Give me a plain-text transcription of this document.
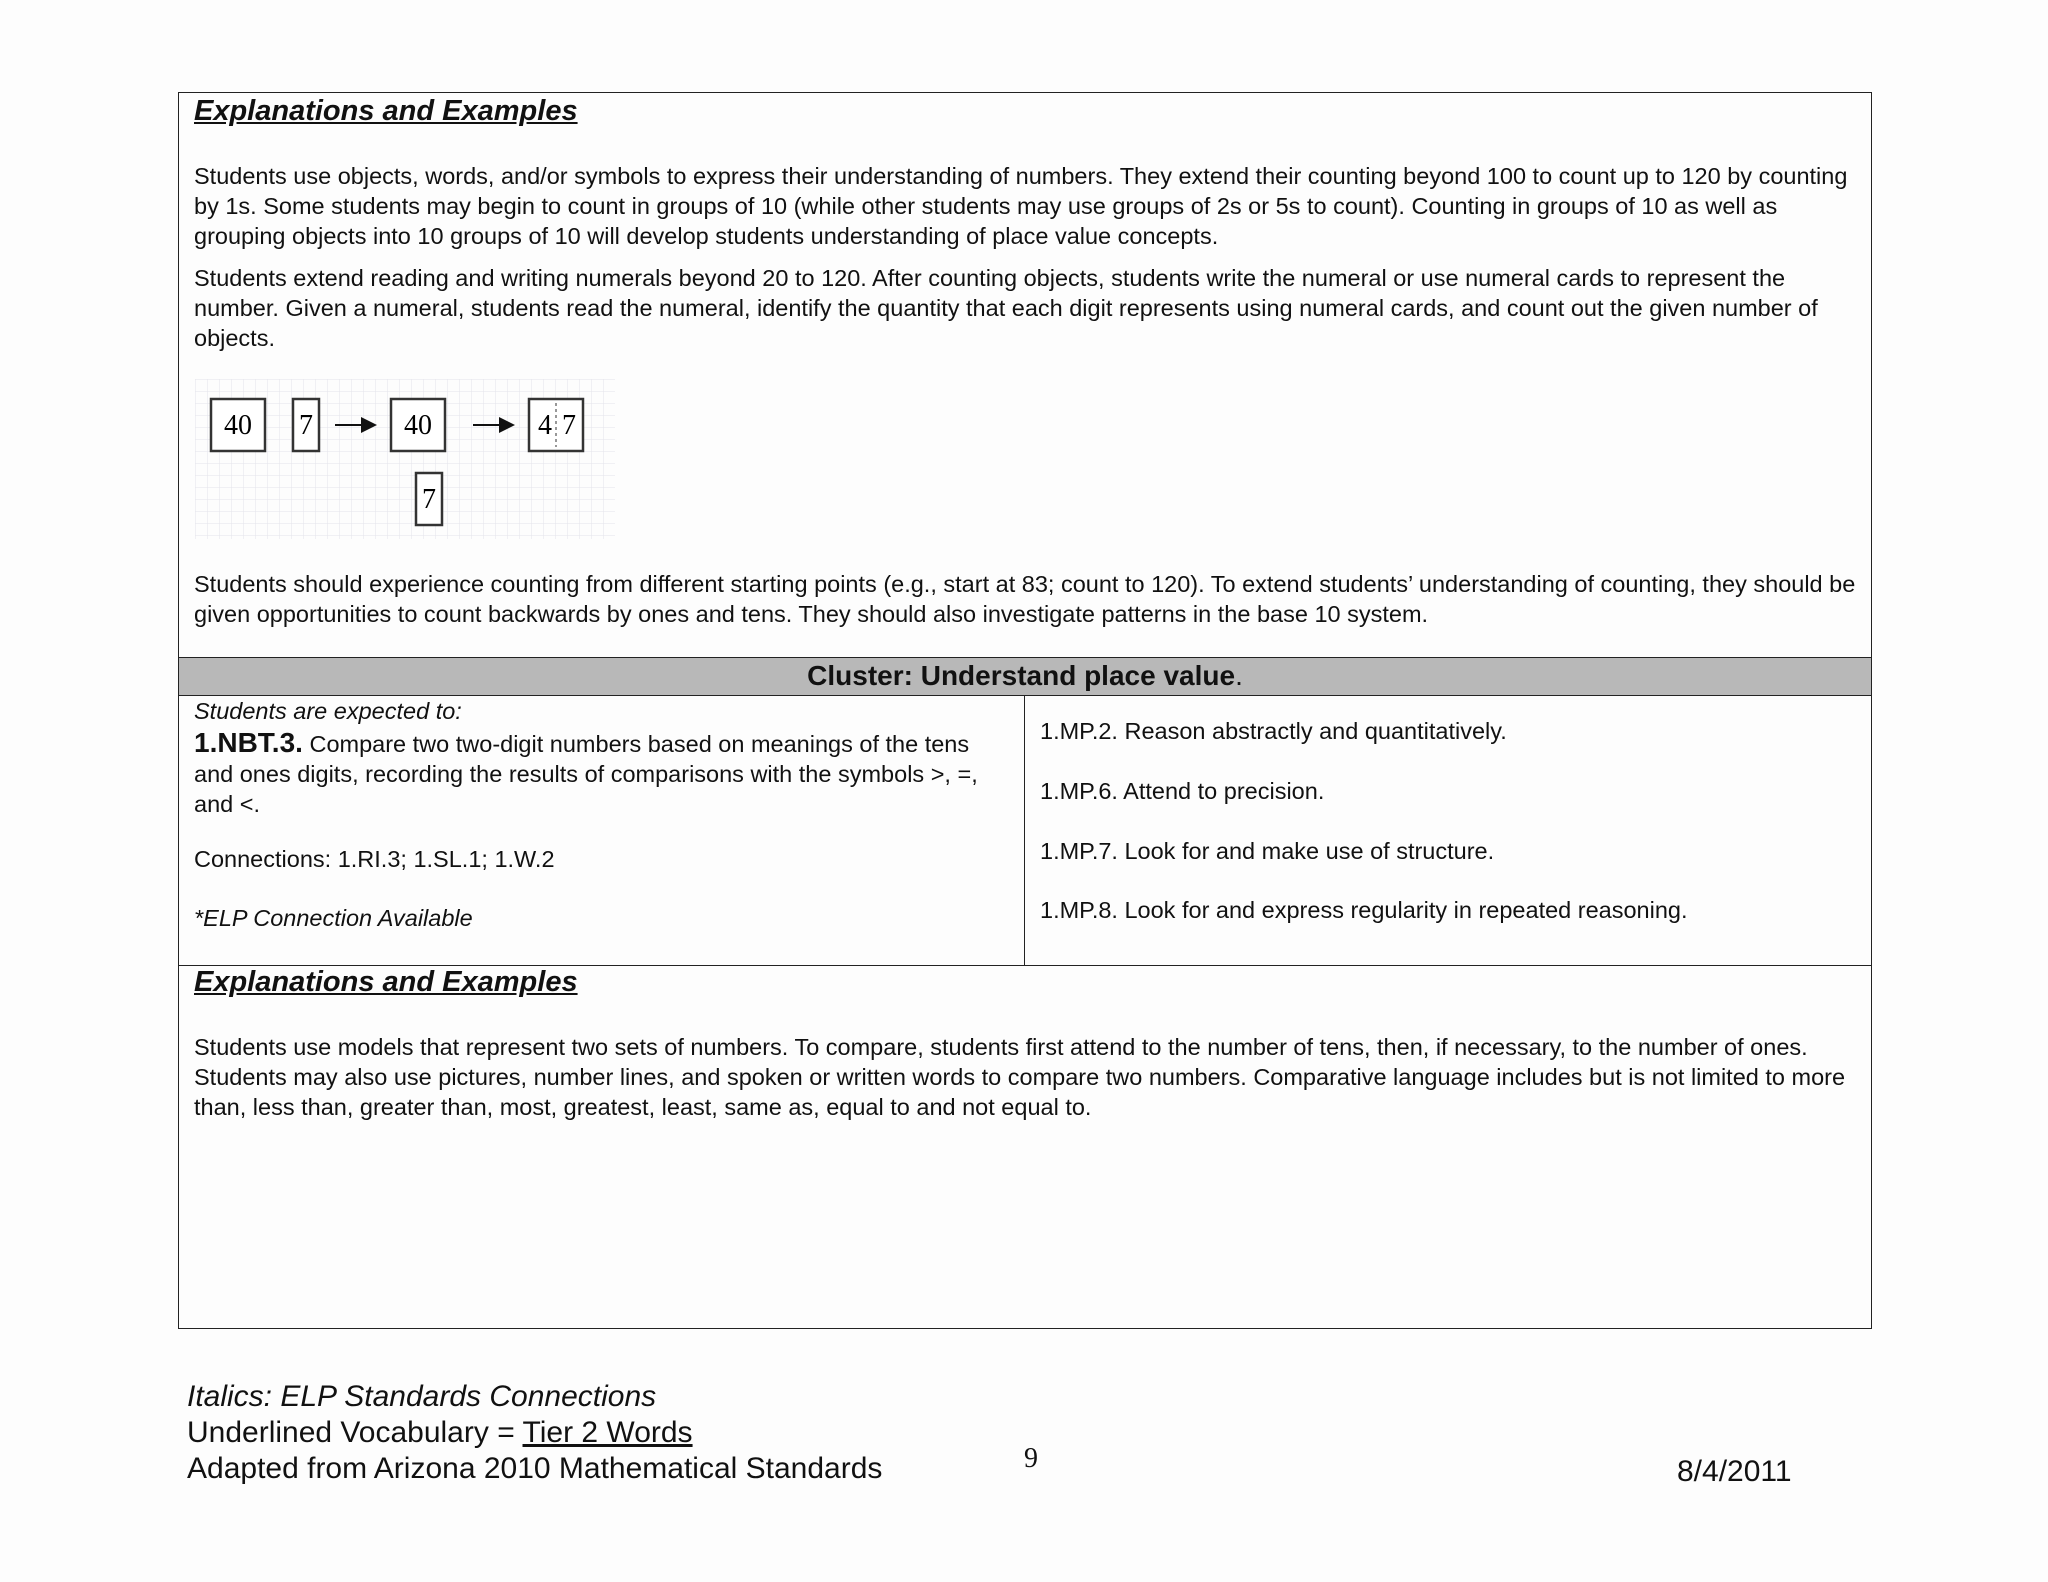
Explanations and Examples

Students use objects, words, and/or symbols to express their understanding of numbers. They extend their counting beyond 100 to count up to 120 by counting by 1s. Some students may begin to count in groups of 10 (while other students may use groups of 2s or 5s to count). Counting in groups of 10 as well as grouping objects into 10 groups of 10 will develop students understanding of place value concepts.

Students extend reading and writing numerals beyond 20 to 120. After counting objects, students write the numeral or use numeral cards to represent the number. Given a numeral, students read the numeral, identify the quantity that each digit represents using numeral cards, and count out the given number of objects.

40 7	40
7
4 7

Students should experience counting from different starting points (e.g., start at 83; count to 120). To extend students’ understanding of counting, they should be given opportunities to count backwards by ones and tens. They should also investigate patterns in the base 10 system.

Cluster: Understand place value.
Students are expected to:
1.NBT.3. Compare two two-digit numbers based on meanings of the tens and ones digits, recording the results of comparisons with the symbols >, =, and <.
Connections: 1.RI.3; 1.SL.1; 1.W.2
*ELP Connection Available
1.MP.2. Reason abstractly and quantitatively.
1.MP.6. Attend to precision.
1.MP.7. Look for and make use of structure.
1.MP.8. Look for and express regularity in repeated reasoning.
Explanations and Examples

Students use models that represent two sets of numbers. To compare, students first attend to the number of tens, then, if necessary, to the number of ones. Students may also use pictures, number lines, and spoken or written words to compare two numbers. Comparative language includes but is not limited to more than, less than, greater than, most, greatest, least, same as, equal to and not equal to.

Italics: ELP Standards Connections
Underlined Vocabulary = Tier 2 Words
Adapted from Arizona 2010 Mathematical Standards	9	8/4/2011
